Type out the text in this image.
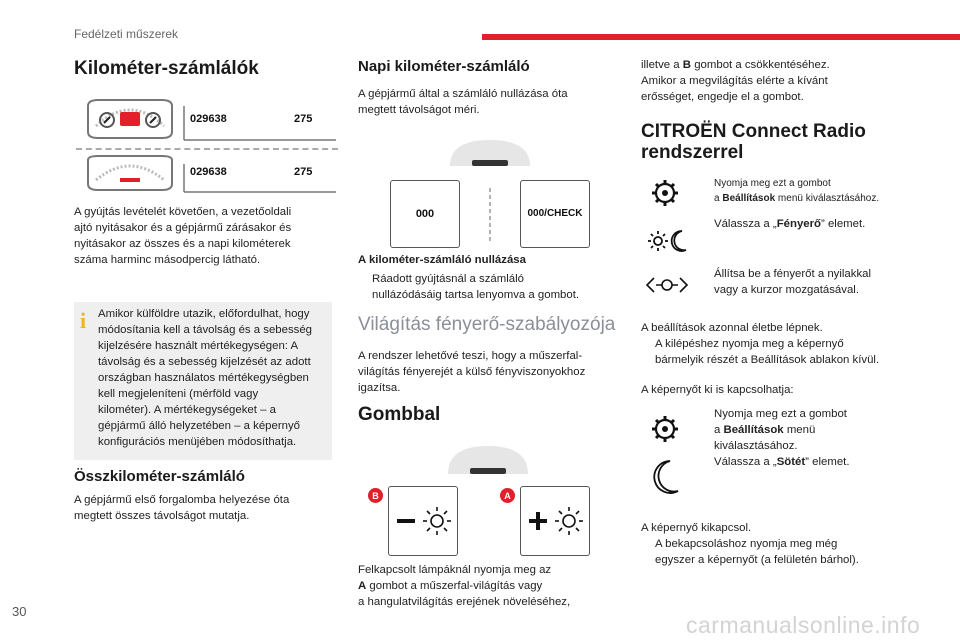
Fedélzeti műszerek
Kilométer-számlálók
029638	275
029638	275
A gyújtás levételét követően, a vezetőoldali
ajtó nyitásakor és a gépjármű zárásakor és
nyitásakor az összes és a napi kilométerek
száma harminc másodpercig látható.
i	Amikor külföldre utazik, előfordulhat, hogy
módosítania kell a távolság és a sebesség
kijelzésére használt mértékegységen: A
távolság és a sebesség kijelzését az adott
országban használatos mértékegységben
kell megjeleníteni (mérföld vagy
kilométer). A mértékegységeket – a
gépjármű álló helyzetében – a képernyő
konfigurációs menüjében módosíthatja.
Összkilométer-számláló
A gépjármű első forgalomba helyezése óta
megtett összes távolságot mutatja.
30
Napi kilométer-számláló
A gépjármű által a számláló nullázása óta
megtett távolságot méri.
000	000/CHECK
A kilométer-számláló nullázása
Ráadott gyújtásnál a számláló
nullázódásáig tartsa lenyomva a gombot.
Világítás fényerő-szabályozója
A rendszer lehetővé teszi, hogy a műszerfal-
világítás fényerejét a külső fényviszonyokhoz
igazítsa.
Gombbal
B	A
Felkapcsolt lámpáknál nyomja meg az
A gombot a műszerfal-világítás vagy
a hangulatvilágítás erejének növeléséhez,
illetve a B gombot a csökkentéséhez.
Amikor a megvilágítás elérte a kívánt
erősséget, engedje el a gombot.
CITROËN Connect Radio
rendszerrel
Nyomja meg ezt a gombot
a Beállítások menü kiválasztásához.
Válassza a „Fényerő” elemet.
Állítsa be a fényerőt a nyilakkal
vagy a kurzor mozgatásával.
A beállítások azonnal életbe lépnek.
A kilépéshez nyomja meg a képernyő
bármelyik részét a Beállítások ablakon kívül.
A képernyőt ki is kapcsolhatja:
Nyomja meg ezt a gombot
a Beállítások menü
kiválasztásához.
Válassza a „Sötét” elemet.
A képernyő kikapcsol.
A bekapcsoláshoz nyomja meg még
egyszer a képernyőt (a felületén bárhol).
carmanualsonline.info
